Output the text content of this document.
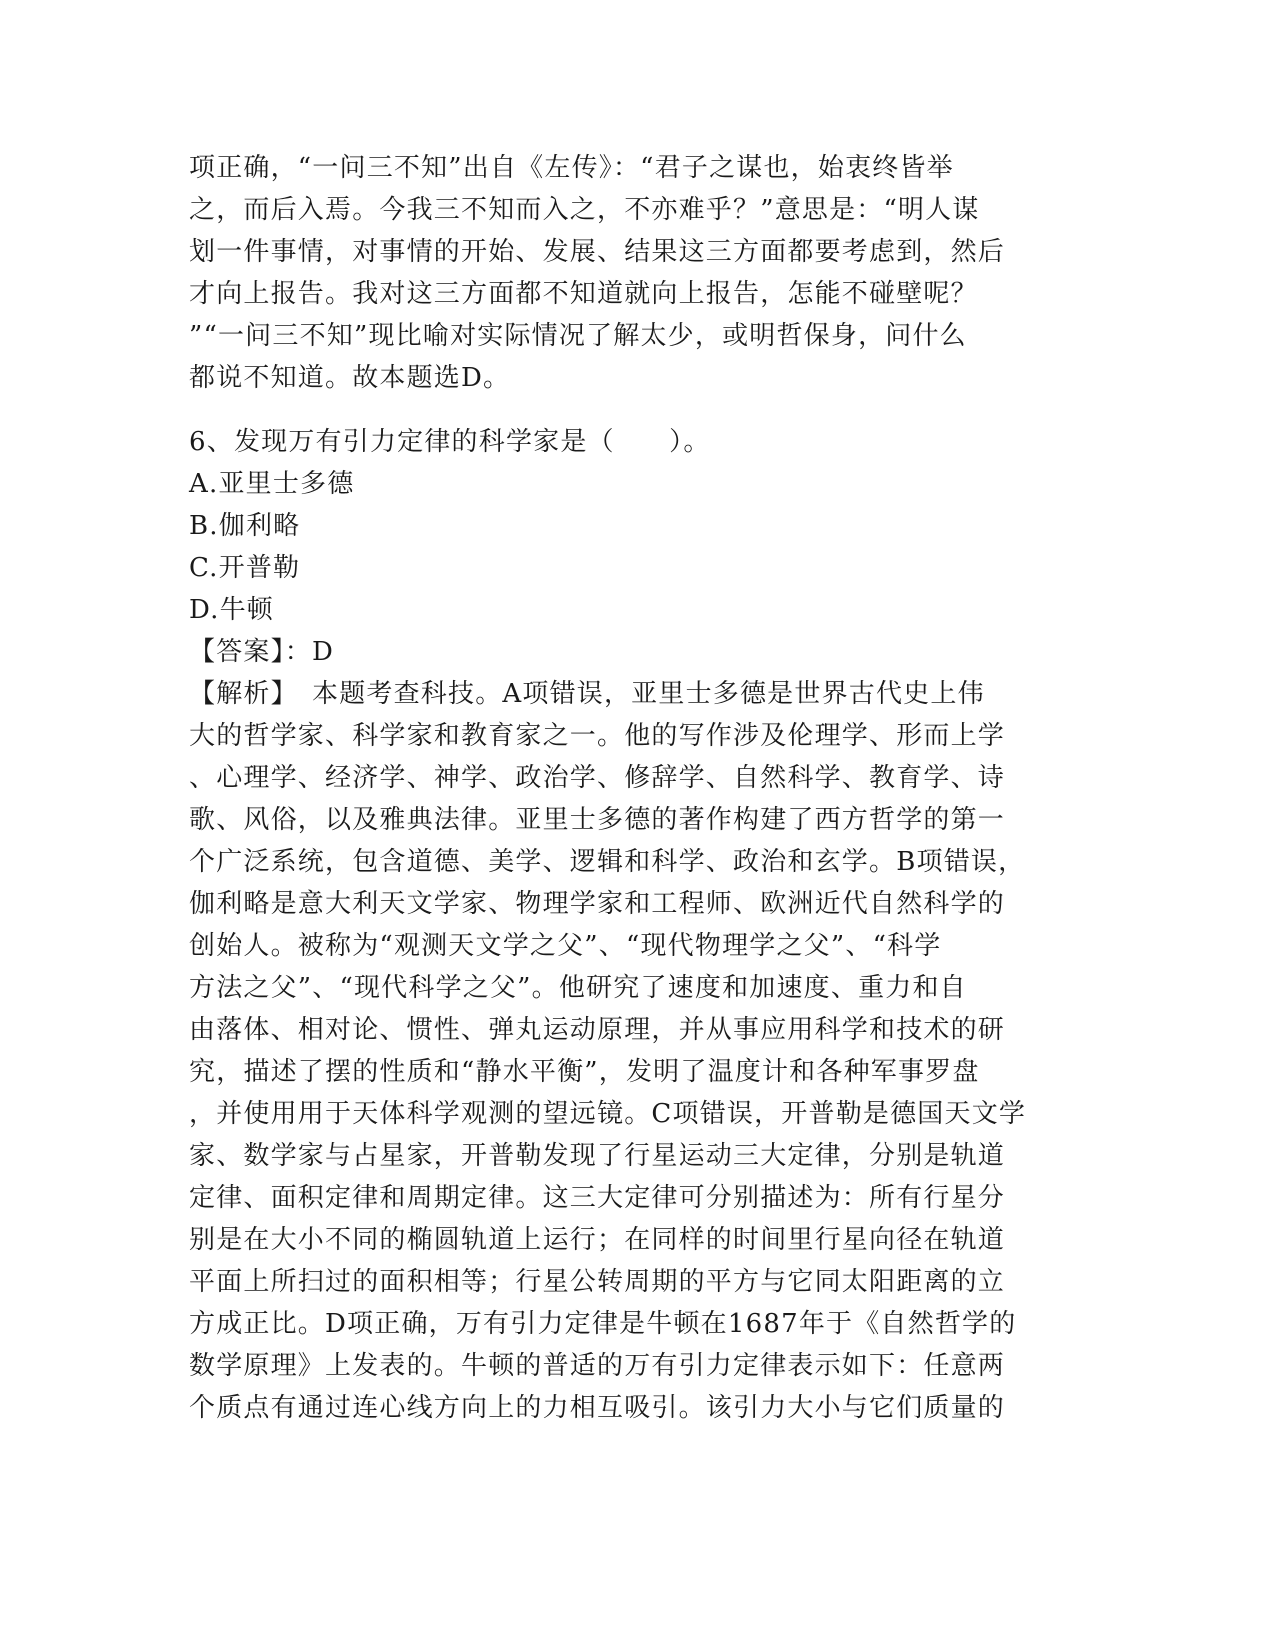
项正确，“一问三不知”出自《左传》：“君子之谋也，始衷终皆举
之，而后入焉。今我三不知而入之，不亦难乎？”意思是：“明人谋
划一件事情，对事情的开始、发展、结果这三方面都要考虑到，然后
才向上报告。我对这三方面都不知道就向上报告，怎能不碰壁呢？
”“一问三不知”现比喻对实际情况了解太少，或明哲保身，问什么
都说不知道。故本题选D。
6、发现万有引力定律的科学家是（　　）。
A.亚里士多德
B.伽利略
C.开普勒
D.牛顿
【答案】：D
【解析】　本题考查科技。A项错误，亚里士多德是世界古代史上伟
大的哲学家、科学家和教育家之一。他的写作涉及伦理学、形而上学
、心理学、经济学、神学、政治学、修辞学、自然科学、教育学、诗
歌、风俗，以及雅典法律。亚里士多德的著作构建了西方哲学的第一
个广泛系统，包含道德、美学、逻辑和科学、政治和玄学。B项错误，
伽利略是意大利天文学家、物理学家和工程师、欧洲近代自然科学的
创始人。被称为“观测天文学之父”、“现代物理学之父”、“科学
方法之父”、“现代科学之父”。他研究了速度和加速度、重力和自
由落体、相对论、惯性、弹丸运动原理，并从事应用科学和技术的研
究，描述了摆的性质和“静水平衡”，发明了温度计和各种军事罗盘
，并使用用于天体科学观测的望远镜。C项错误，开普勒是德国天文学
家、数学家与占星家，开普勒发现了行星运动三大定律，分别是轨道
定律、面积定律和周期定律。这三大定律可分别描述为：所有行星分
别是在大小不同的椭圆轨道上运行；在同样的时间里行星向径在轨道
平面上所扫过的面积相等；行星公转周期的平方与它同太阳距离的立
方成正比。D项正确，万有引力定律是牛顿在1687年于《自然哲学的
数学原理》上发表的。牛顿的普适的万有引力定律表示如下：任意两
个质点有通过连心线方向上的力相互吸引。该引力大小与它们质量的
